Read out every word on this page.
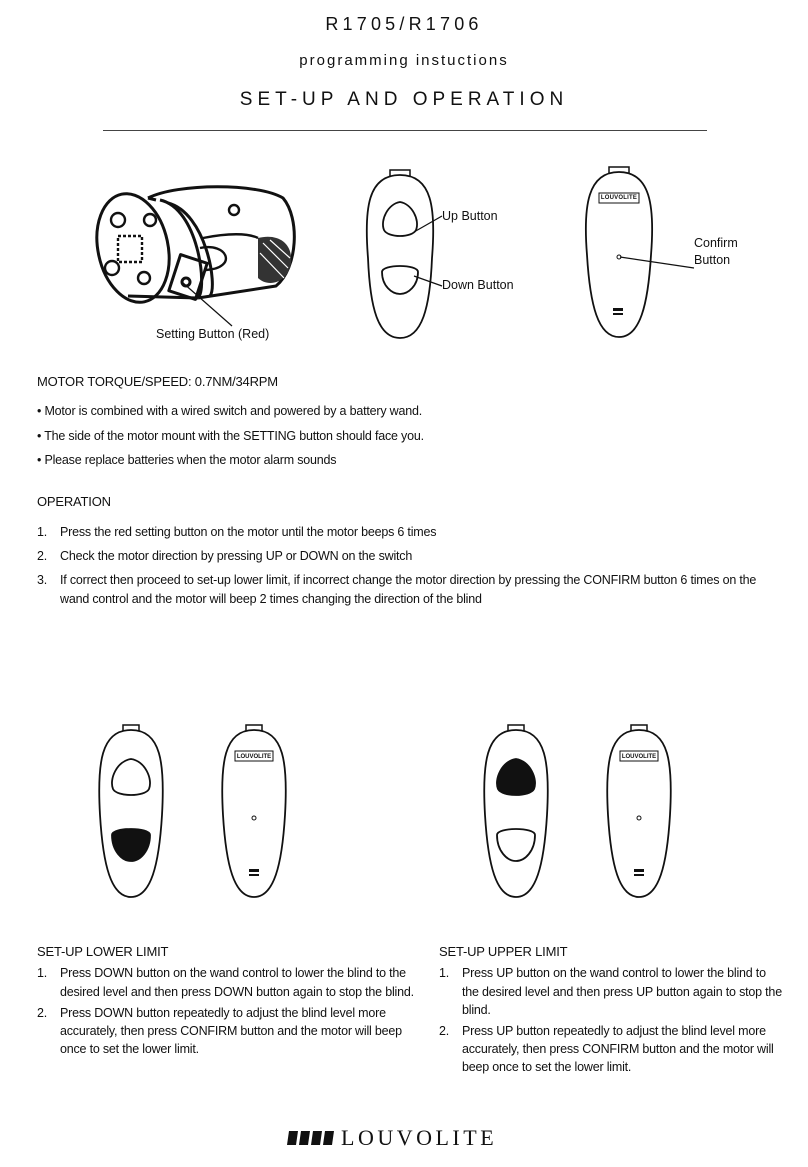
R1705/R1706
programming instuctions
SET-UP AND OPERATION
Setting Button (Red)
Up Button
Down Button
LOUVOLITE
Confirm
Button
MOTOR TORQUE/SPEED: 0.7NM/34RPM
• Motor is combined with a wired switch and powered by a battery wand.
• The side of the motor mount with the SETTING button should face you.
• Please replace batteries when the motor alarm sounds
OPERATION
1. Press the red setting button on the motor until the motor beeps 6 times
2. Check the motor direction by pressing UP or DOWN on the switch
3. If correct then proceed to set-up lower limit, if incorrect change the motor direction by pressing the CONFIRM button 6 times on the
wand control and the motor will beep 2 times changing the direction of the blind
LOUVOLITE	LOUVOLITE
SET-UP LOWER LIMIT
1. Press DOWN button on the wand control to lower the blind to the
desired level and then press DOWN button again to stop the blind.
2. Press DOWN button repeatedly to adjust the blind level more
accurately, then press CONFIRM button and the motor will beep
once to set the lower limit.
SET-UP UPPER LIMIT
1. Press UP button on the wand control to lower the blind to
the desired level and then press UP button again to stop the
blind.
2. Press UP button repeatedly to adjust the blind level more
accurately, then press CONFIRM button and the motor will
beep once to set the lower limit.
LOUVOLITE
